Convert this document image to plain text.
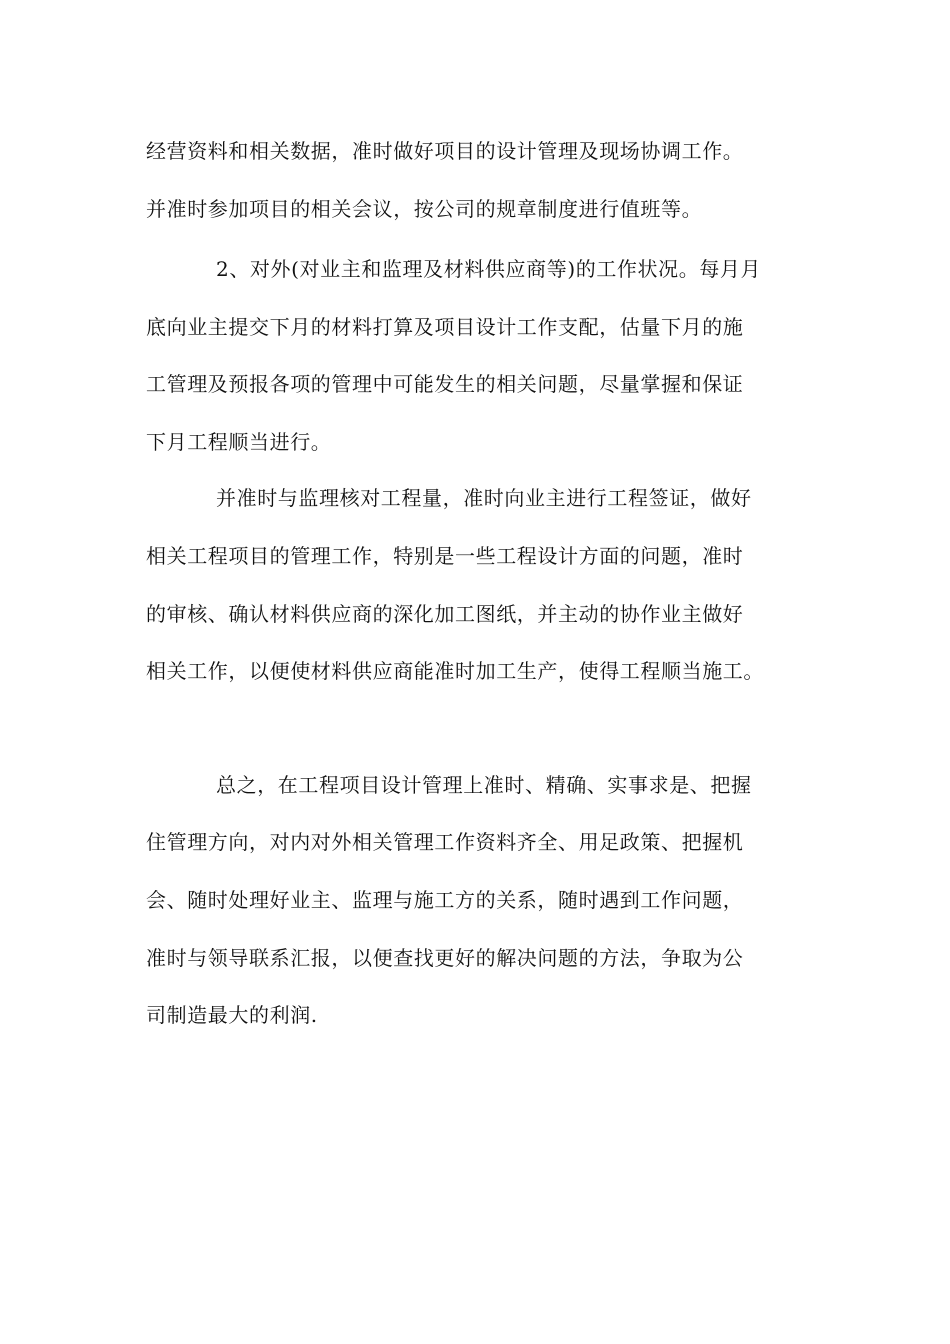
经营资料和相关数据，准时做好项目的设计管理及现场协调工作。
并准时参加项目的相关会议，按公司的规章制度进行值班等。
2、对外(对业主和监理及材料供应商等)的工作状况。每月月
底向业主提交下月的材料打算及项目设计工作支配，估量下月的施
工管理及预报各项的管理中可能发生的相关问题，尽量掌握和保证
下月工程顺当进行。
并准时与监理核对工程量，准时向业主进行工程签证，做好
相关工程项目的管理工作，特别是一些工程设计方面的问题，准时
的审核、确认材料供应商的深化加工图纸，并主动的协作业主做好
相关工作，以便使材料供应商能准时加工生产，使得工程顺当施工。
总之，在工程项目设计管理上准时、精确、实事求是、把握
住管理方向，对内对外相关管理工作资料齐全、用足政策、把握机
会、随时处理好业主、监理与施工方的关系，随时遇到工作问题，
准时与领导联系汇报，以便查找更好的解决问题的方法，争取为公
司制造最大的利润.
